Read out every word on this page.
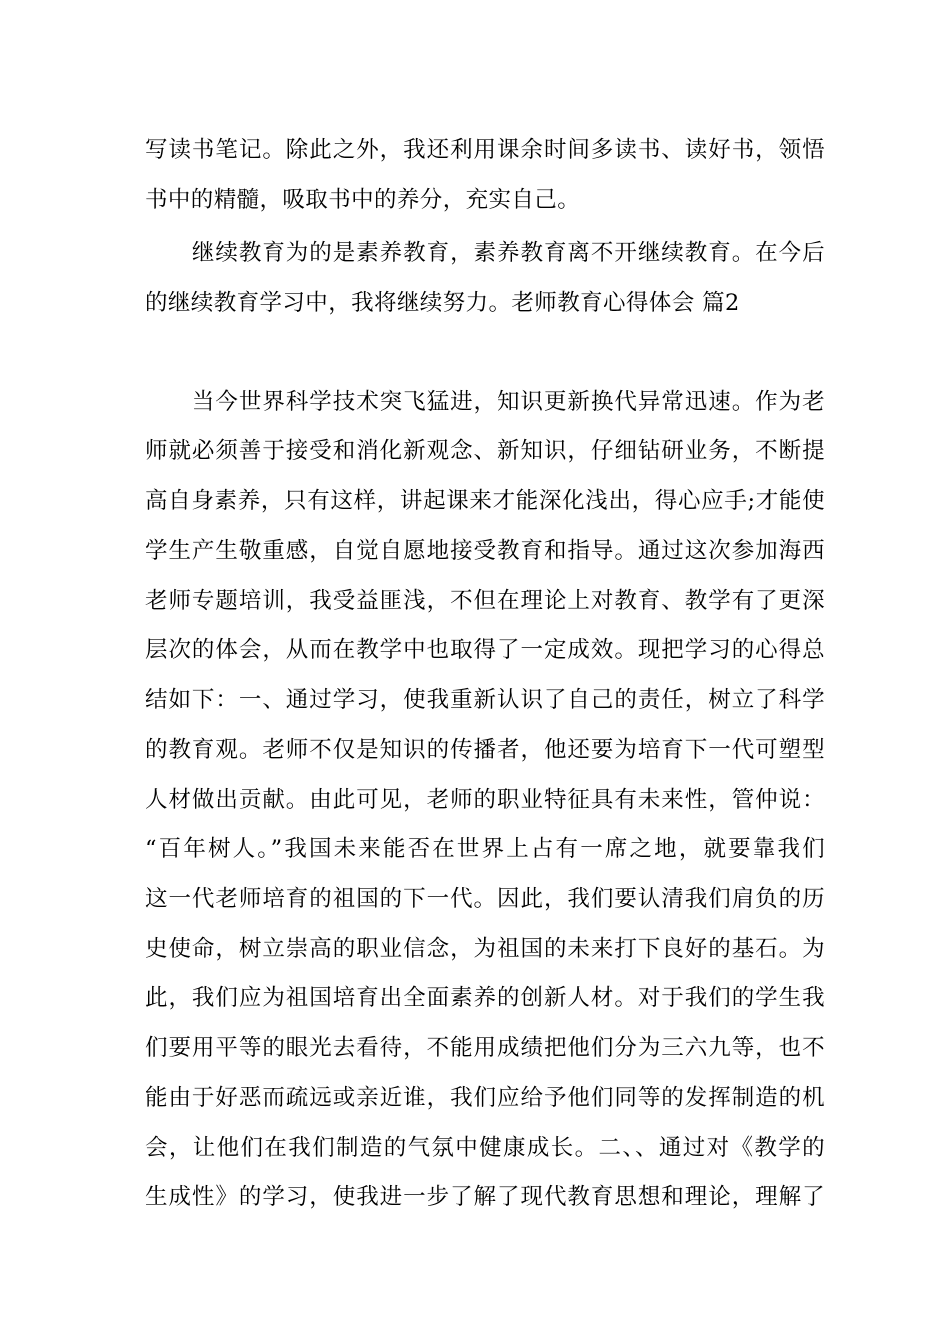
写读书笔记。除此之外，我还利用课余时间多读书、读好书，领悟
书中的精髓，吸取书中的养分，充实自己。
　　继续教育为的是素养教育，素养教育离不开继续教育。在今后
的继续教育学习中，我将继续努力。老师教育心得体会 篇2
　　当今世界科学技术突飞猛进，知识更新换代异常迅速。作为老
师就必须善于接受和消化新观念、新知识，仔细钻研业务，不断提
高自身素养，只有这样，讲起课来才能深化浅出，得心应手;才能使
学生产生敬重感，自觉自愿地接受教育和指导。通过这次参加海西
老师专题培训，我受益匪浅，不但在理论上对教育、教学有了更深
层次的体会，从而在教学中也取得了一定成效。现把学习的心得总
结如下：一、通过学习，使我重新认识了自己的责任，树立了科学
的教育观。老师不仅是知识的传播者，他还要为培育下一代可塑型
人材做出贡献。由此可见，老师的职业特征具有未来性，管仲说：
“百年树人。”我国未来能否在世界上占有一席之地，就要靠我们
这一代老师培育的祖国的下一代。因此，我们要认清我们肩负的历
史使命，树立崇高的职业信念，为祖国的未来打下良好的基石。为
此，我们应为祖国培育出全面素养的创新人材。对于我们的学生我
们要用平等的眼光去看待，不能用成绩把他们分为三六九等，也不
能由于好恶而疏远或亲近谁，我们应给予他们同等的发挥制造的机
会，让他们在我们制造的气氛中健康成长。二、、通过对《教学的
生成性》的学习，使我进一步了解了现代教育思想和理论，理解了
